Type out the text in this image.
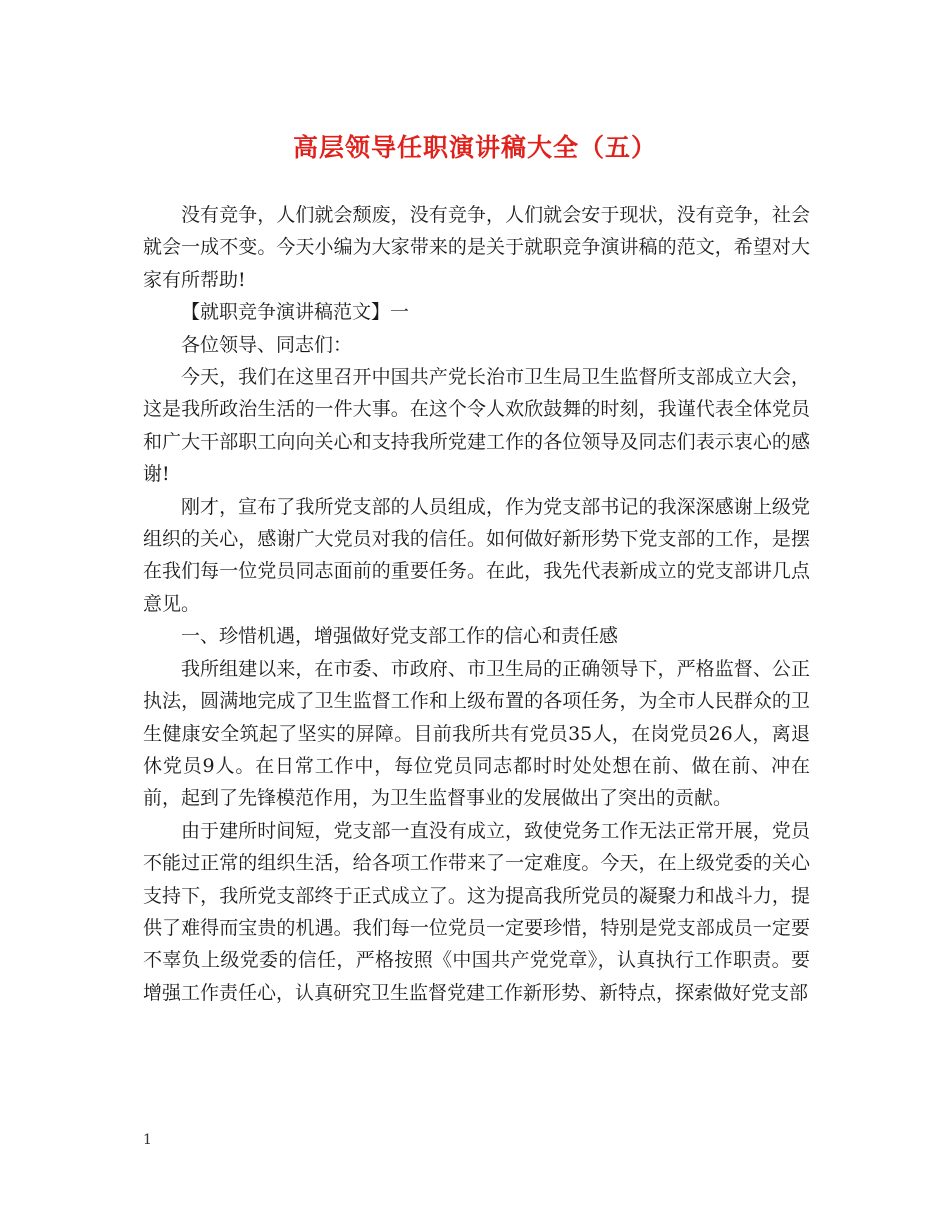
高层领导任职演讲稿大全（五）

没有竞争，人们就会颓废，没有竞争，人们就会安于现状，没有竞争，社会就会一成不变。今天小编为大家带来的是关于就职竞争演讲稿的范文，希望对大家有所帮助!

【就职竞争演讲稿范文】一

各位领导、同志们：

今天，我们在这里召开中国共产党长治市卫生局卫生监督所支部成立大会，这是我所政治生活的一件大事。在这个令人欢欣鼓舞的时刻，我谨代表全体党员和广大干部职工向向关心和支持我所党建工作的各位领导及同志们表示衷心的感谢!

刚才，宣布了我所党支部的人员组成，作为党支部书记的我深深感谢上级党组织的关心，感谢广大党员对我的信任。如何做好新形势下党支部的工作，是摆在我们每一位党员同志面前的重要任务。在此，我先代表新成立的党支部讲几点意见。

一、珍惜机遇，增强做好党支部工作的信心和责任感

我所组建以来，在市委、市政府、市卫生局的正确领导下，严格监督、公正执法，圆满地完成了卫生监督工作和上级布置的各项任务，为全市人民群众的卫生健康安全筑起了坚实的屏障。目前我所共有党员35人，在岗党员26人，离退休党员9人。在日常工作中，每位党员同志都时时处处想在前、做在前、冲在前，起到了先锋模范作用，为卫生监督事业的发展做出了突出的贡献。

由于建所时间短，党支部一直没有成立，致使党务工作无法正常开展，党员不能过正常的组织生活，给各项工作带来了一定难度。今天，在上级党委的关心支持下，我所党支部终于正式成立了。这为提高我所党员的凝聚力和战斗力，提供了难得而宝贵的机遇。我们每一位党员一定要珍惜，特别是党支部成员一定要不辜负上级党委的信任，严格按照《中国共产党党章》，认真执行工作职责。要增强工作责任心，认真研究卫生监督党建工作新形势、新特点，探索做好党支部

1
